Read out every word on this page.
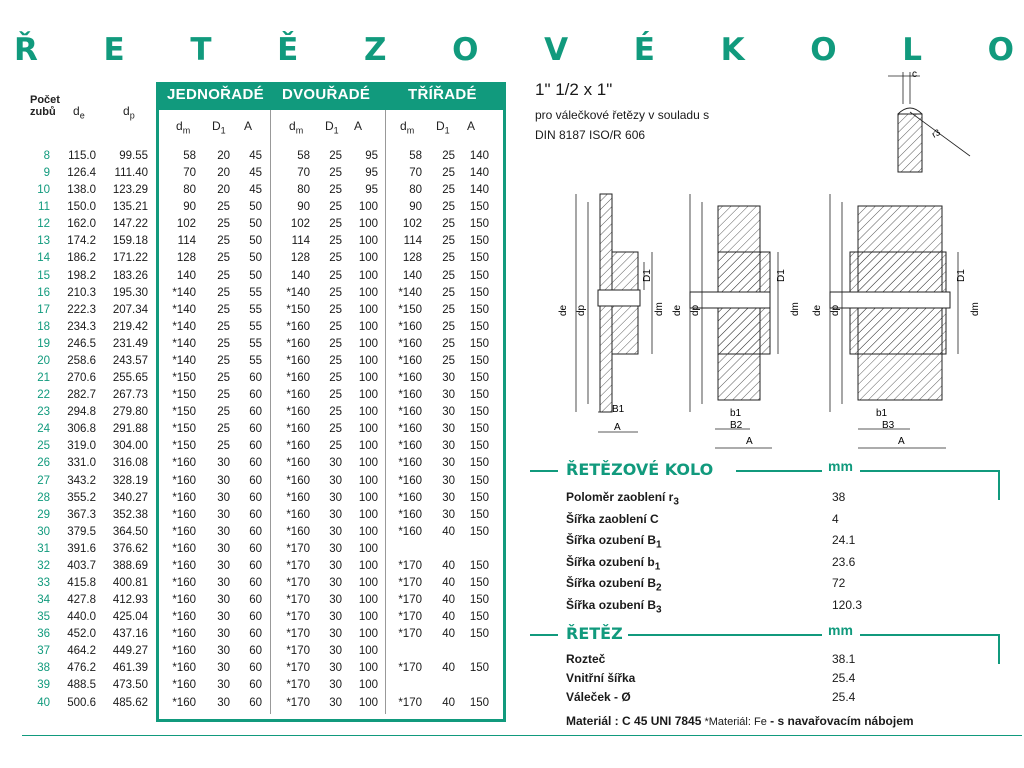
Ř E T Ě Z O V É K O L O
JEDNOŘADÉ DVOUŘADÉ	TŘÍŘADÉ
Počet
zubů	$d_e$	$d_p$
$d_m$ $D_1$ A	$d_m$ $D_1$ A	$d_m$ $D_1$ A
8	115.0	99.55	58	20	45	58	25	95	58	25	140
9	126.4	111.40	70	20	45	70	25	95	70	25	140
10	138.0	123.29	80	20	45	80	25	95	80	25	140
11	150.0	135.21	90	25	50	90	25	100	90	25	150
12	162.0	147.22	102	25	50	102	25	100	102	25	150
13	174.2	159.18	114	25	50	114	25	100	114	25	150
14	186.2	171.22	128	25	50	128	25	100	128	25	150
15	198.2	183.26	140	25	50	140	25	100	140	25	150
16	210.3	195.30	*140	25	55	*140	25	100	*140	25	150
17	222.3	207.34	*140	25	55	*150	25	100	*150	25	150
18	234.3	219.42	*140	25	55	*160	25	100	*160	25	150
19	246.5	231.49	*140	25	55	*160	25	100	*160	25	150
20	258.6	243.57	*140	25	55	*160	25	100	*160	25	150
21	270.6	255.65	*150	25	60	*160	25	100	*160	30	150
22	282.7	267.73	*150	25	60	*160	25	100	*160	30	150
23	294.8	279.80	*150	25	60	*160	25	100	*160	30	150
24	306.8	291.88	*150	25	60	*160	25	100	*160	30	150
25	319.0	304.00	*150	25	60	*160	25	100	*160	30	150
26	331.0	316.08	*160	30	60	*160	30	100	*160	30	150
27	343.2	328.19	*160	30	60	*160	30	100	*160	30	150
28	355.2	340.27	*160	30	60	*160	30	100	*160	30	150
29	367.3	352.38	*160	30	60	*160	30	100	*160	30	150
30	379.5	364.50	*160	30	60	*160	30	100	*160	40	150
31	391.6	376.62	*160	30	60	*170	30	100
32	403.7	388.69	*160	30	60	*170	30	100	*170	40	150
33	415.8	400.81	*160	30	60	*170	30	100	*170	40	150
34	427.8	412.93	*160	30	60	*170	30	100	*170	40	150
35	440.0	425.04	*160	30	60	*170	30	100	*170	40	150
36	452.0	437.16	*160	30	60	*170	30	100	*170	40	150
37	464.2	449.27	*160	30	60	*170	30	100
38	476.2	461.39	*160	30	60	*170	30	100	*170	40	150
39	488.5	473.50	*160	30	60	*170	30	100
40	500.6	485.62	*160	30	60	*170	30	100	*170	40	150
1" 1/2 x 1"
pro válečkové řetězy v souladu s
DIN 8187 ISO/R 606
c
r3
de dp
D1
dm
B1
A
de dp
D1
dm
b1
B2
A
de dp
D1
dm
b1
B3
A
ŘETĚZOVÉ KOLO	mm
Poloměr zaoblení $r_3$	38
Šířka zaoblení C	4
Šířka ozubení $B_1$	24.1
Šířka ozubení $b_1$	23.6
Šířka ozubení $B_2$	72
Šířka ozubení $B_3$	120.3
ŘETĚZ	mm
Rozteč	38.1
Vnitřní šířka	25.4
Váleček - Ø	25.4
Materiál : C 45 UNI 7845 *Materiál: Fe - s navařovacím nábojem
